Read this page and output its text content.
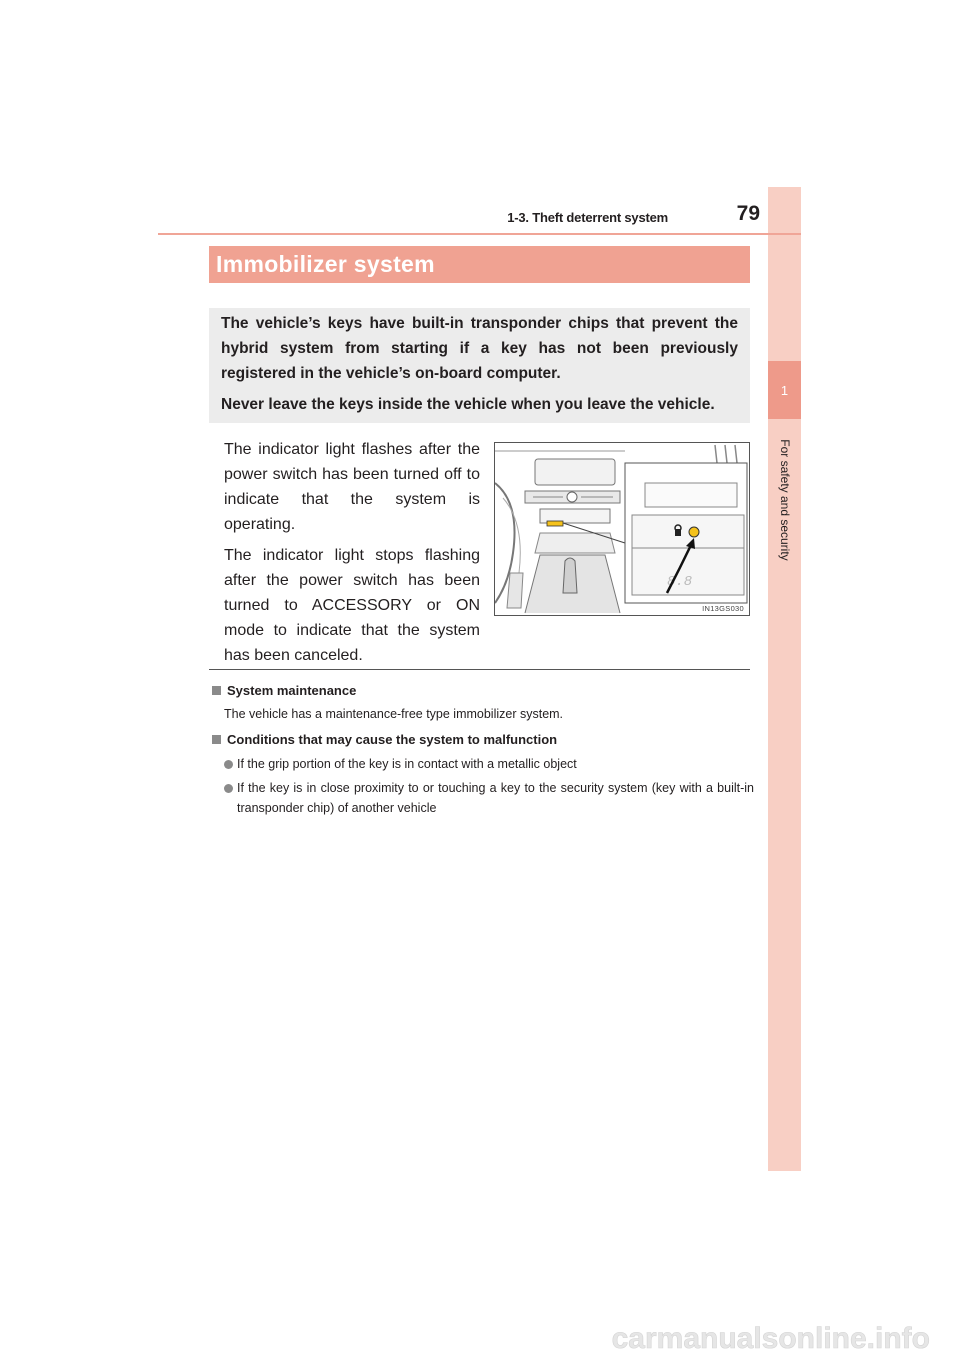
1
For safety and security
1-3. Theft deterrent system	79
Immobilizer system

The vehicle’s keys have built-in transponder chips that prevent the hybrid system from starting if a key has not been previously registered in the vehicle’s on-board computer.

Never leave the keys inside the vehicle when you leave the vehicle.

The indicator light flashes after the power switch has been turned off to indicate that the system is operating.

The indicator light stops flashing after the power switch has been turned to ACCESSORY or ON mode to indicate that the system has been canceled.

8.8
IN13GS030
System maintenance
The vehicle has a maintenance-free type immobilizer system.
Conditions that may cause the system to malfunction
If the grip portion of the key is in contact with a metallic object
If the key is in close proximity to or touching a key to the security system (key with a built-in transponder chip) of another vehicle
carmanualsonline.info
